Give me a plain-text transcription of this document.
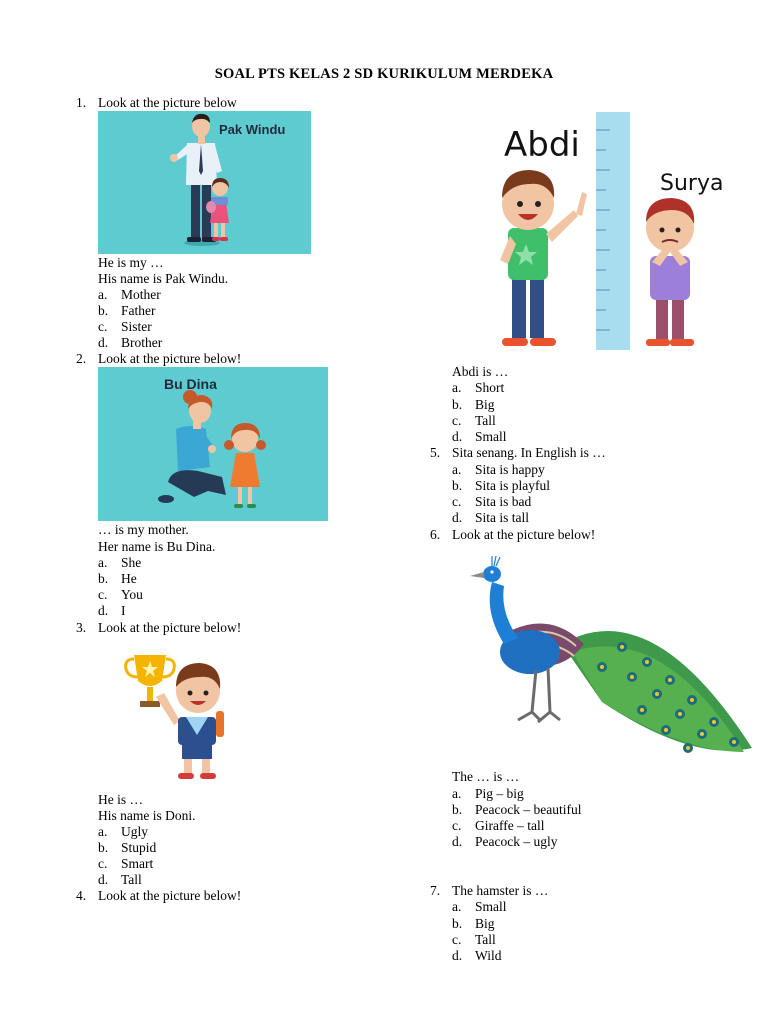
SOAL PTS KELAS 2 SD KURIKULUM MERDEKA
1. Look at the picture below
Pak Windu
He is my …
His name is Pak Windu.
a. Mother
b. Father
c. Sister
d. Brother
2. Look at the picture below!
Bu Dina
… is my mother.
Her name is Bu Dina.
a. She
b. He
c. You
d. I
3. Look at the picture below!
He is …
His name is Doni.
a. Ugly
b. Stupid
c. Smart
d. Tall
4. Look at the picture below!
Abdi
Surya
Abdi is …
a. Short
b. Big
c. Tall
d. Small
5. Sita senang. In English is …
a. Sita is happy
b. Sita is playful
c. Sita is bad
d. Sita is tall
6. Look at the picture below!
The … is …
a. Pig – big
b. Peacock – beautiful
c. Giraffe – tall
d. Peacock – ugly
7. The hamster is …
a. Small
b. Big
c. Tall
d. Wild
